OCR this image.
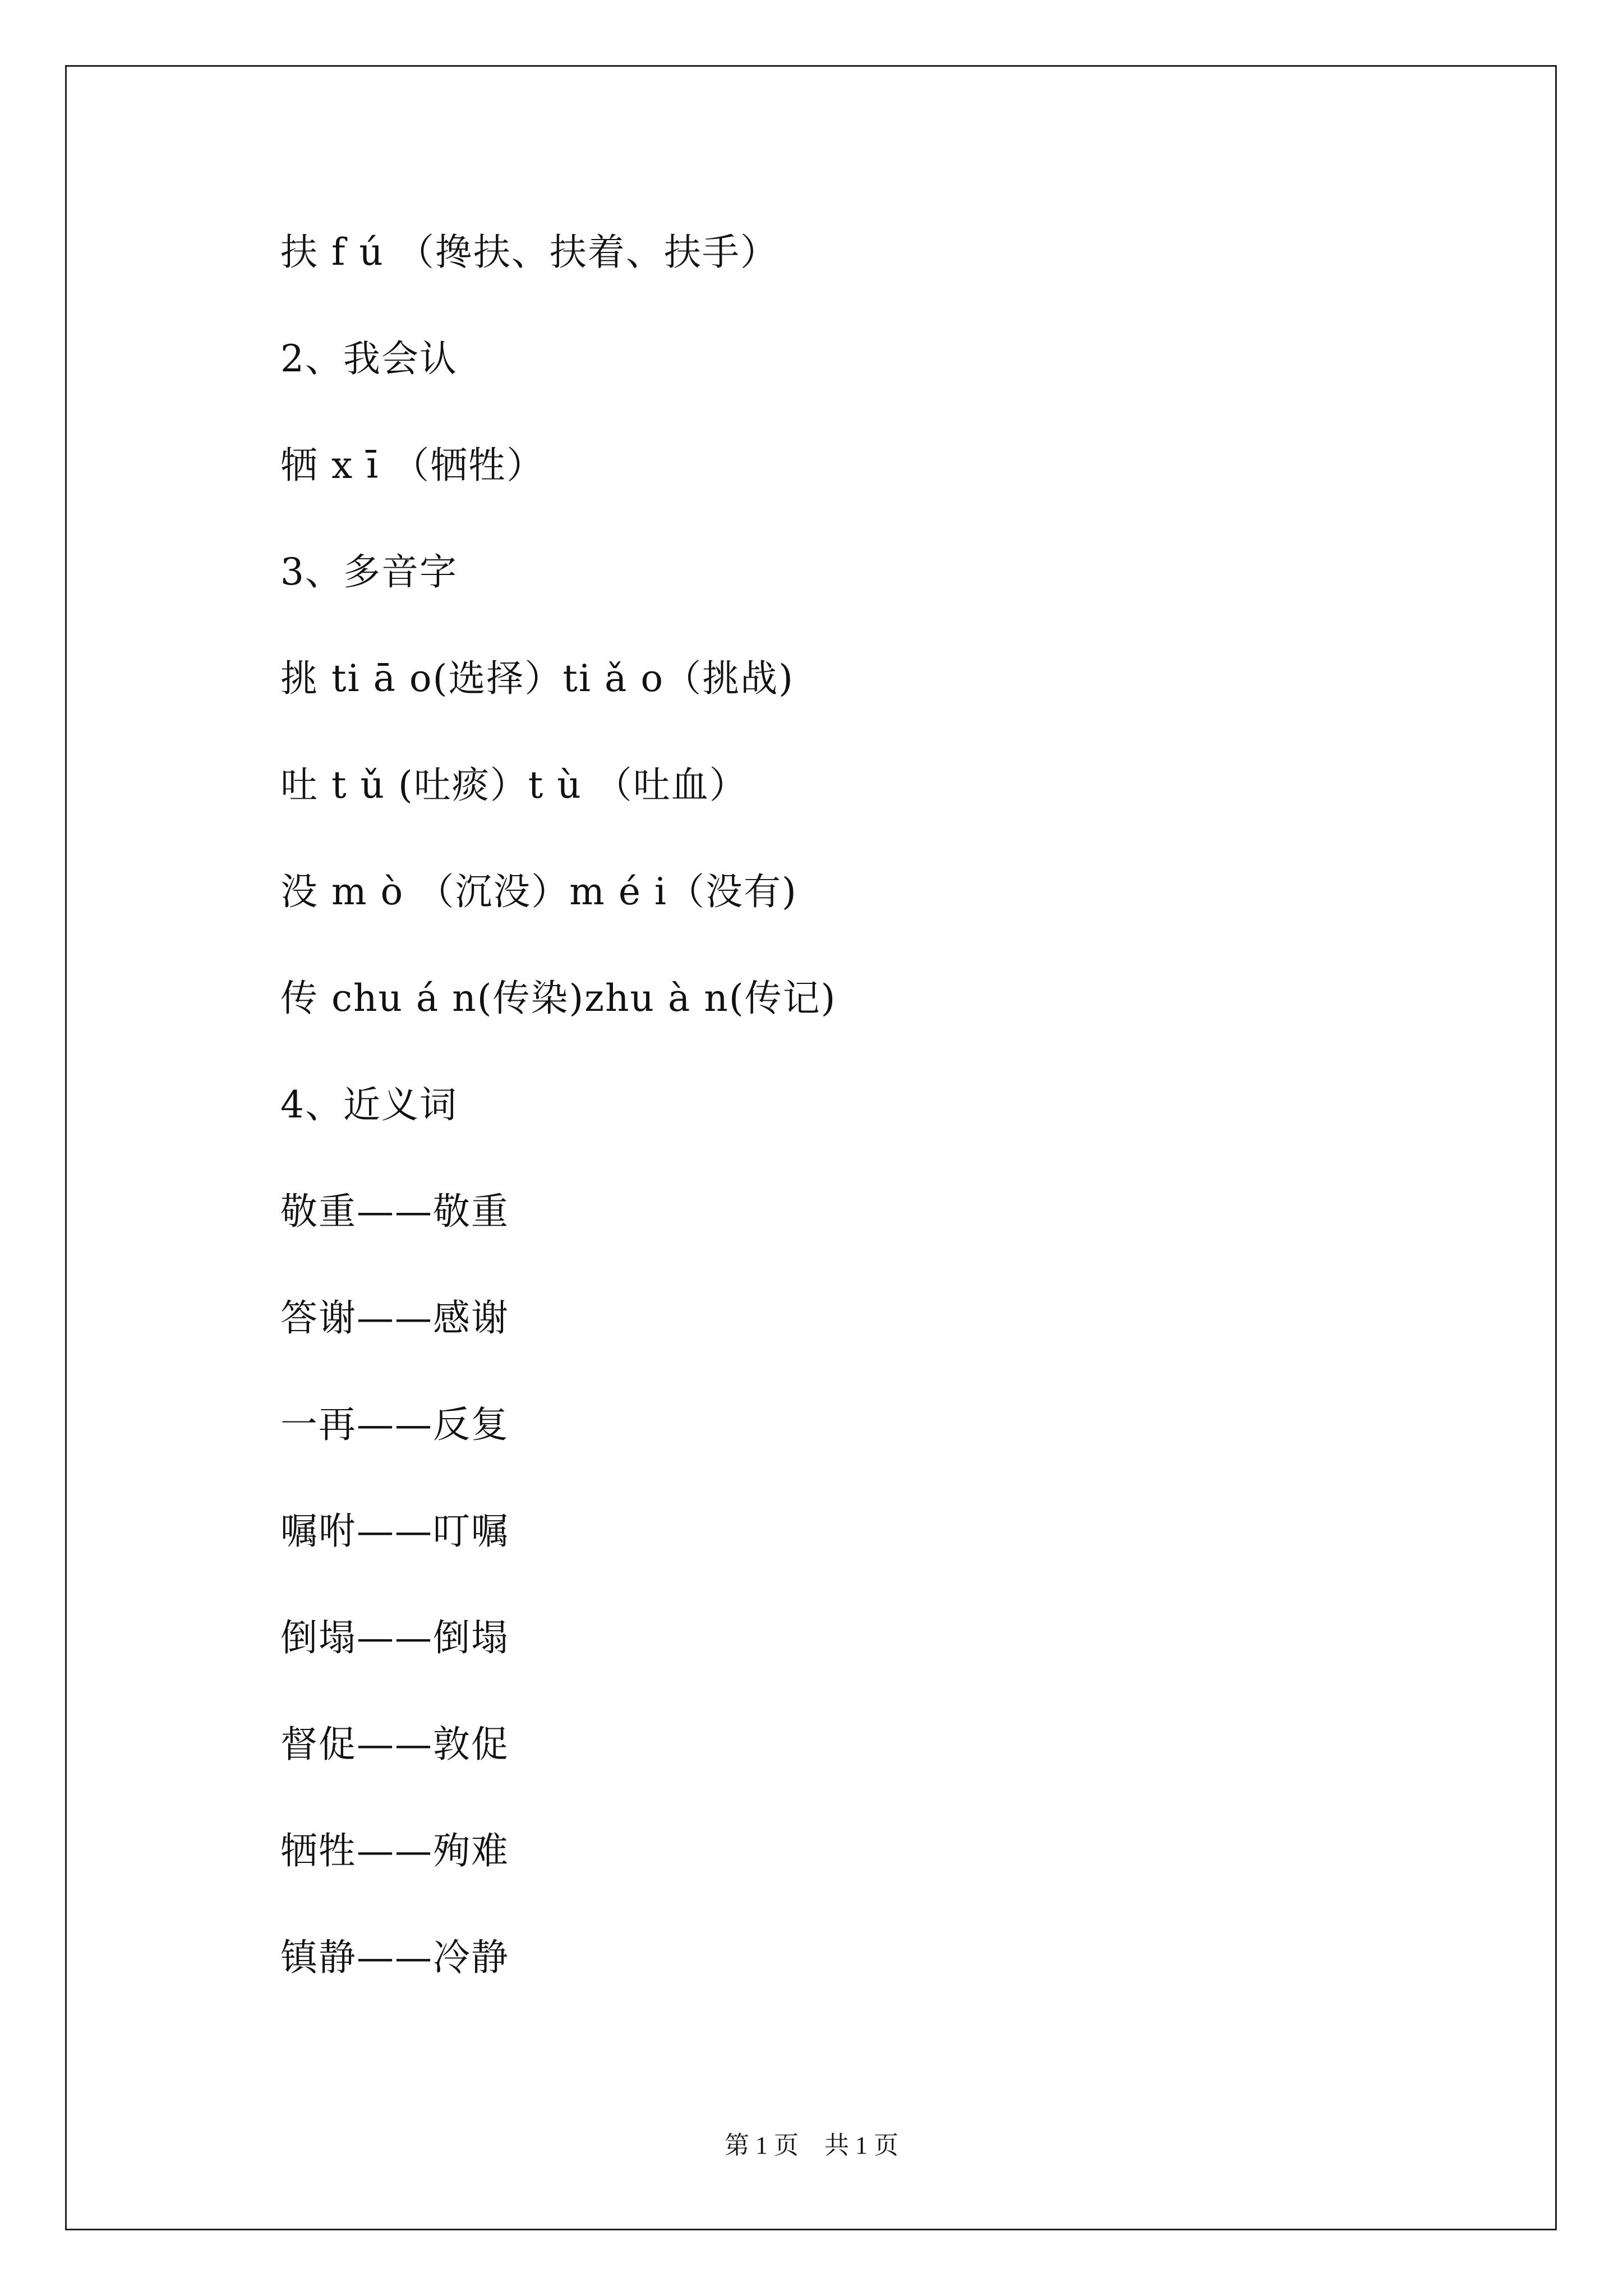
扶 f ú （搀扶、扶着、扶手）
2、我会认
牺 x ī （牺牲）
3、多音字
挑 ti ā o(选择）ti ǎ o（挑战)
吐 t ǔ (吐痰）t ù （吐血）
没 m ò （沉没）m é i（没有)
传 chu á n(传染)zhu à n(传记)
4、近义词
敬重——敬重
答谢——感谢
一再——反复
嘱咐——叮嘱
倒塌——倒塌
督促——敦促
牺牲——殉难
镇静——冷静
第 1 页 共 1 页
